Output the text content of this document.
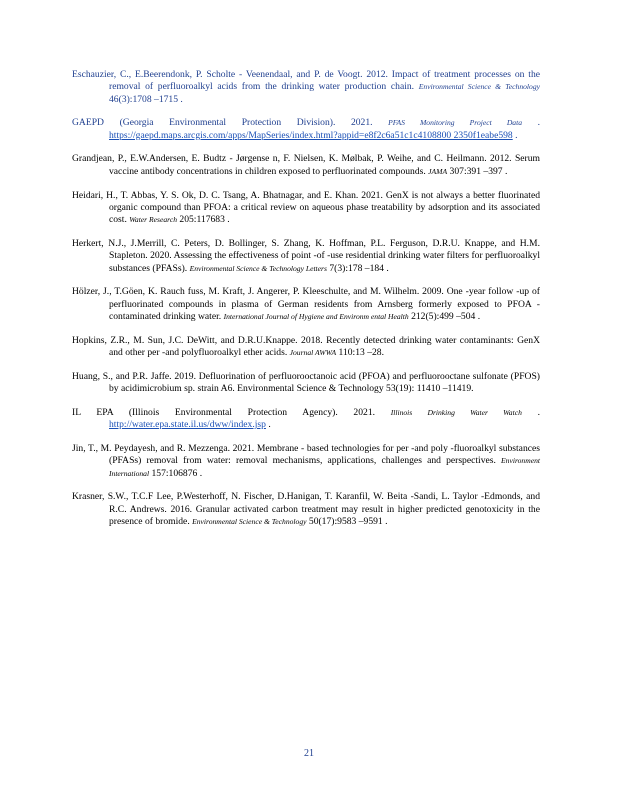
Eschauzier, C., E.Beerendonk, P. Scholte - Veenendaal, and P. de Voogt. 2012. Impact of treatment processes on the removal of perfluoroalkyl acids from the drinking water production chain. Environmental Science & Technology 46(3):1708 –1715 .

GAEPD (Georgia Environmental Protection Division). 2021. PFAS Monitoring Project Data . https://gaepd.maps.arcgis.com/apps/MapSeries/index.html?appid=e8f2c6a51c1c4108800 2350f1eabe598 .

Grandjean, P., E.W.Andersen, E. Budtz - Jørgense n, F. Nielsen, K. Mølbak, P. Weihe, and C. Heilmann. 2012. Serum vaccine antibody concentrations in children exposed to perfluorinated compounds. JAMA 307:391 –397 .

Heidari, H., T. Abbas, Y. S. Ok, D. C. Tsang, A. Bhatnagar, and E. Khan. 2021. GenX is not always a better fluorinated organic compound than PFOA: a critical review on aqueous phase treatability by adsorption and its associated cost. Water Research 205:117683 .

Herkert, N.J., J.Merrill, C. Peters, D. Bollinger, S. Zhang, K. Hoffman, P.L. Ferguson, D.R.U. Knappe, and H.M. Stapleton. 2020. Assessing the effectiveness of point -of -use residential drinking water filters for perfluoroalkyl substances (PFASs). Environmental Science & Technology Letters 7(3):178 –184 .

Hölzer, J., T.Göen, K. Rauch fuss, M. Kraft, J. Angerer, P. Kleeschulte, and M. Wilhelm. 2009. One -year follow -up of perfluorinated compounds in plasma of German residents from Arnsberg formerly exposed to PFOA -contaminated drinking water. International Journal of Hygiene and Environm ental Health 212(5):499 –504 .

Hopkins, Z.R., M. Sun, J.C. DeWitt, and D.R.U.Knappe. 2018. Recently detected drinking water contaminants: GenX and other per -and polyfluoroalkyl ether acids. Journal AWWA 110:13 –28.

Huang, S., and P.R. Jaffe. 2019. Defluorination of perfluorooctanoic acid (PFOA) and perfluorooctane sulfonate (PFOS) by acidimicrobium sp. strain A6. Environmental Science & Technology 53(19): 11410 –11419.

IL EPA (Illinois Environmental Protection Agency). 2021. Illinois Drinking Water Watch . http://water.epa.state.il.us/dww/index.jsp .

Jin, T., M. Peydayesh, and R. Mezzenga. 2021. Membrane - based technologies for per -and poly -fluoroalkyl substances (PFASs) removal from water: removal mechanisms, applications, challenges and perspectives. Environment International 157:106876 .

Krasner, S.W., T.C.F Lee, P.Westerhoff, N. Fischer, D.Hanigan, T. Karanfil, W. Beita -Sandi, L. Taylor -Edmonds, and R.C. Andrews. 2016. Granular activated carbon treatment may result in higher predicted genotoxicity in the presence of bromide. Environmental Science & Technology 50(17):9583 –9591 .

21
